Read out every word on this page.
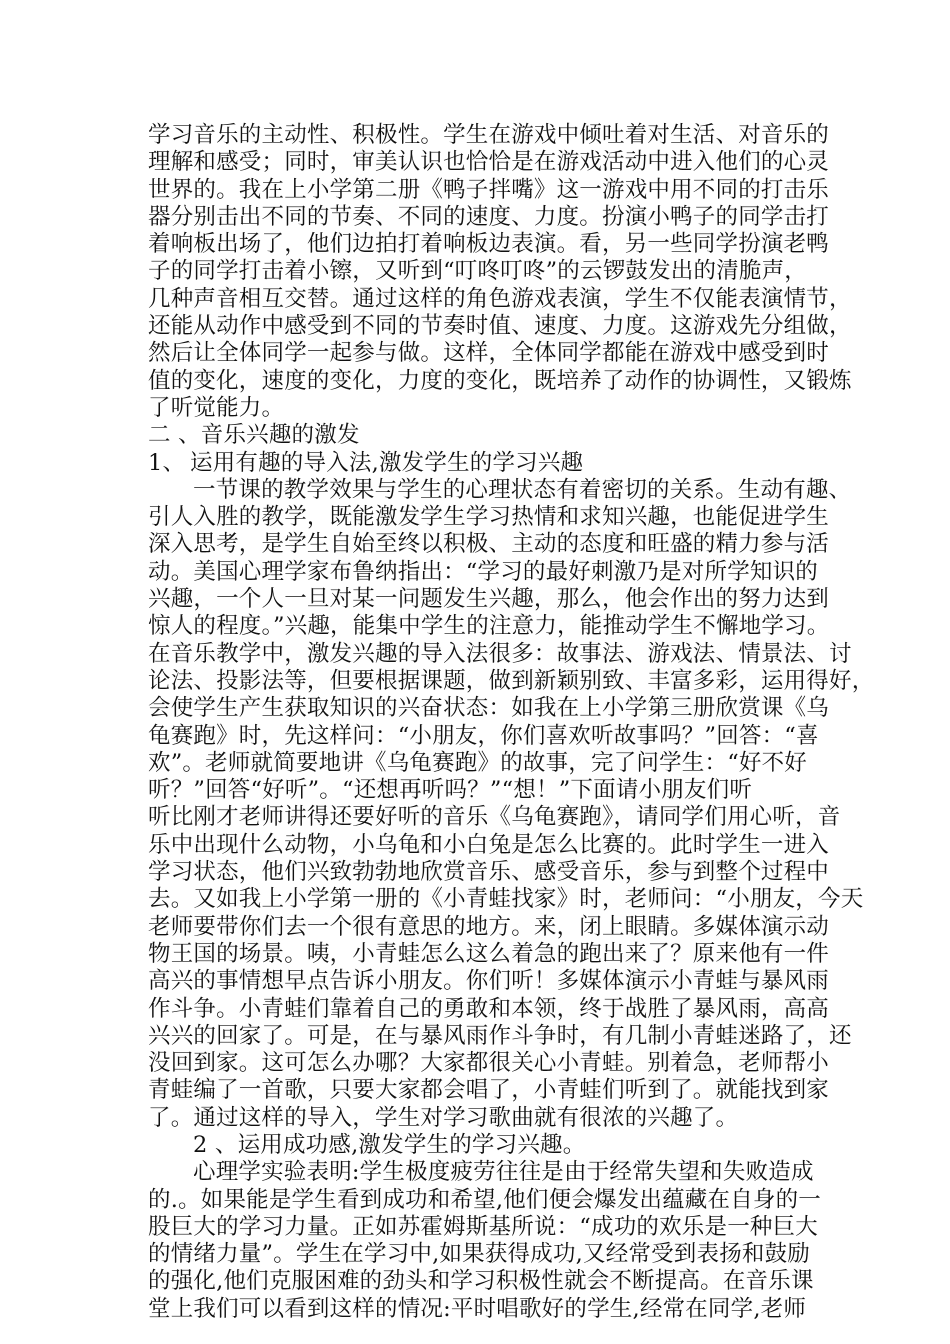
学习音乐的主动性、积极性。学生在游戏中倾吐着对生活、对音乐的
理解和感受；同时，审美认识也恰恰是在游戏活动中进入他们的心灵
世界的。我在上小学第二册《鸭子拌嘴》这一游戏中用不同的打击乐
器分别击出不同的节奏、不同的速度、力度。扮演小鸭子的同学击打
着响板出场了，他们边拍打着响板边表演。看，另一些同学扮演老鸭
子的同学打击着小镲，又听到“叮咚叮咚”的云锣鼓发出的清脆声，
几种声音相互交替。通过这样的角色游戏表演，学生不仅能表演情节，
还能从动作中感受到不同的节奏时值、速度、力度。这游戏先分组做，
然后让全体同学一起参与做。这样，全体同学都能在游戏中感受到时
值的变化，速度的变化，力度的变化，既培养了动作的协调性，又锻炼
了听觉能力。
二 、音乐兴趣的激发
1、 运用有趣的导入法,激发学生的学习兴趣
一节课的教学效果与学生的心理状态有着密切的关系。生动有趣、
引人入胜的教学，既能激发学生学习热情和求知兴趣，也能促进学生
深入思考，是学生自始至终以积极、主动的态度和旺盛的精力参与活
动。美国心理学家布鲁纳指出：“学习的最好刺激乃是对所学知识的
兴趣，一个人一旦对某一问题发生兴趣，那么，他会作出的努力达到
惊人的程度。”兴趣，能集中学生的注意力，能推动学生不懈地学习。
在音乐教学中，激发兴趣的导入法很多：故事法、游戏法、情景法、讨
论法、投影法等，但要根据课题，做到新颖别致、丰富多彩，运用得好，
会使学生产生获取知识的兴奋状态：如我在上小学第三册欣赏课《乌
龟赛跑》时，先这样问：“小朋友，你们喜欢听故事吗？”回答：“喜
欢”。老师就简要地讲《乌龟赛跑》的故事，完了问学生：“好不好
听？”回答“好听”。“还想再听吗？”“想！”下面请小朋友们听
听比刚才老师讲得还要好听的音乐《乌龟赛跑》，请同学们用心听，音
乐中出现什么动物，小乌龟和小白兔是怎么比赛的。此时学生一进入
学习状态，他们兴致勃勃地欣赏音乐、感受音乐，参与到整个过程中
去。又如我上小学第一册的《小青蛙找家》时，老师问：“小朋友，今天
老师要带你们去一个很有意思的地方。来，闭上眼睛。多媒体演示动
物王国的场景。咦，小青蛙怎么这么着急的跑出来了？原来他有一件
高兴的事情想早点告诉小朋友。你们听！多媒体演示小青蛙与暴风雨
作斗争。小青蛙们靠着自己的勇敢和本领，终于战胜了暴风雨，高高
兴兴的回家了。可是，在与暴风雨作斗争时，有几制小青蛙迷路了，还
没回到家。这可怎么办哪？大家都很关心小青蛙。别着急，老师帮小
青蛙编了一首歌，只要大家都会唱了，小青蛙们听到了。就能找到家
了。通过这样的导入，学生对学习歌曲就有很浓的兴趣了。
2 、运用成功感,激发学生的学习兴趣。
心理学实验表明:学生极度疲劳往往是由于经常失望和失败造成
的.。如果能是学生看到成功和希望,他们便会爆发出蕴藏在自身的一
股巨大的学习力量。正如苏霍姆斯基所说：“成功的欢乐是一种巨大
的情绪力量”。学生在学习中,如果获得成功,又经常受到表扬和鼓励
的强化,他们克服困难的劲头和学习积极性就会不断提高。在音乐课
堂上我们可以看到这样的情况:平时唱歌好的学生,经常在同学,老师
